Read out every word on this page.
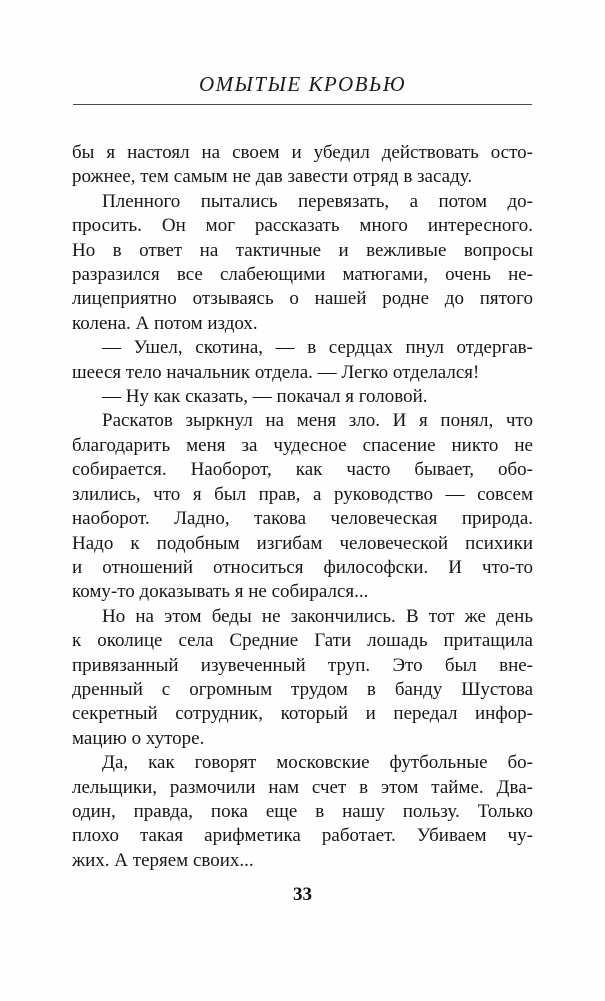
ОМЫТЫЕ КРОВЬЮ
бы я настоял на своем и убедил действовать осто-
рожнее, тем самым не дав завести отряд в засаду.
Пленного пытались перевязать, а потом до-
просить. Он мог рассказать много интересного.
Но в ответ на тактичные и вежливые вопросы
разразился все слабеющими матюгами, очень не-
лицеприятно отзываясь о нашей родне до пятого
колена. А потом издох.
— Ушел, скотина, — в сердцах пнул отдергав-
шееся тело начальник отдела. — Легко отделался!
— Ну как сказать, — покачал я головой.
Раскатов зыркнул на меня зло. И я понял, что
благодарить меня за чудесное спасение никто не
собирается. Наоборот, как часто бывает, обо-
злились, что я был прав, а руководство — совсем
наоборот. Ладно, такова человеческая природа.
Надо к подобным изгибам человеческой психики
и отношений относиться философски. И что-то
кому-то доказывать я не собирался...
Но на этом беды не закончились. В тот же день
к околице села Средние Гати лошадь притащила
привязанный изувеченный труп. Это был вне-
дренный с огромным трудом в банду Шустова
секретный сотрудник, который и передал инфор-
мацию о хуторе.
Да, как говорят московские футбольные бо-
лельщики, размочили нам счет в этом тайме. Два-
один, правда, пока еще в нашу пользу. Только
плохо такая арифметика работает. Убиваем чу-
жих. А теряем своих...
33
